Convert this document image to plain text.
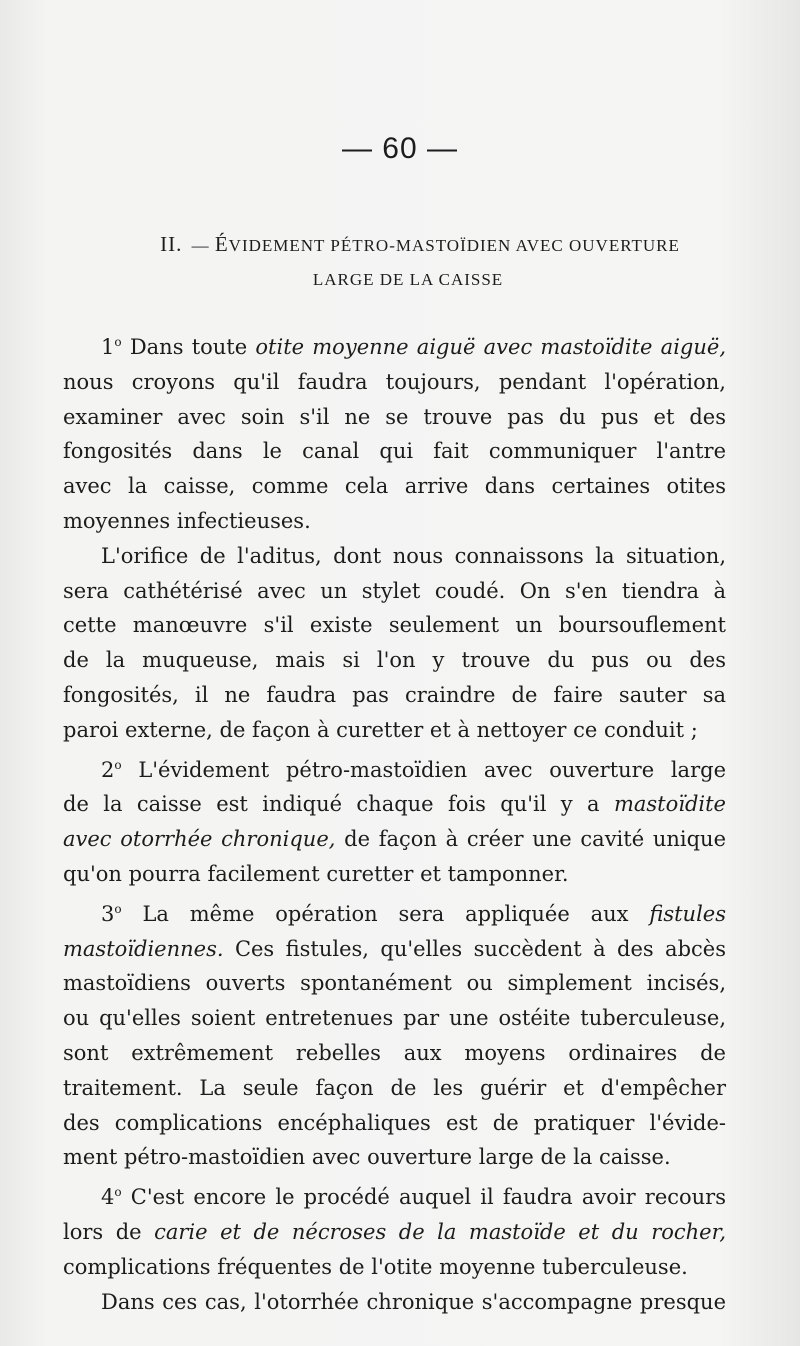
— 60 —
II. — ÉVIDEMENT PÉTRO-MASTOÏDIEN AVEC OUVERTURE
LARGE DE LA CAISSE
1$^o$ Dans toute otite moyenne aiguë avec mastoïdite aiguë,
nous croyons qu'il faudra toujours, pendant l'opération,
examiner avec soin s'il ne se trouve pas du pus et des
fongosités dans le canal qui fait communiquer l'antre
avec la caisse, comme cela arrive dans certaines otites
moyennes infectieuses.
L'orifice de l'aditus, dont nous connaissons la situation,
sera cathétérisé avec un stylet coudé. On s'en tiendra à
cette manœuvre s'il existe seulement un boursouflement
de la muqueuse, mais si l'on y trouve du pus ou des
fongosités, il ne faudra pas craindre de faire sauter sa
paroi externe, de façon à curetter et à nettoyer ce conduit ;
2$^o$ L'évidement pétro-mastoïdien avec ouverture large
de la caisse est indiqué chaque fois qu'il y a mastoïdite
avec otorrhée chronique, de façon à créer une cavité unique
qu'on pourra facilement curetter et tamponner.
3$^o$ La même opération sera appliquée aux fistules
mastoïdiennes. Ces fistules, qu'elles succèdent à des abcès
mastoïdiens ouverts spontanément ou simplement incisés,
ou qu'elles soient entretenues par une ostéite tuberculeuse,
sont extrêmement rebelles aux moyens ordinaires de
traitement. La seule façon de les guérir et d'empêcher
des complications encéphaliques est de pratiquer l'évide-
ment pétro-mastoïdien avec ouverture large de la caisse.
4$^o$ C'est encore le procédé auquel il faudra avoir recours
lors de carie et de nécroses de la mastoïde et du rocher,
complications fréquentes de l'otite moyenne tuberculeuse.
Dans ces cas, l'otorrhée chronique s'accompagne presque
